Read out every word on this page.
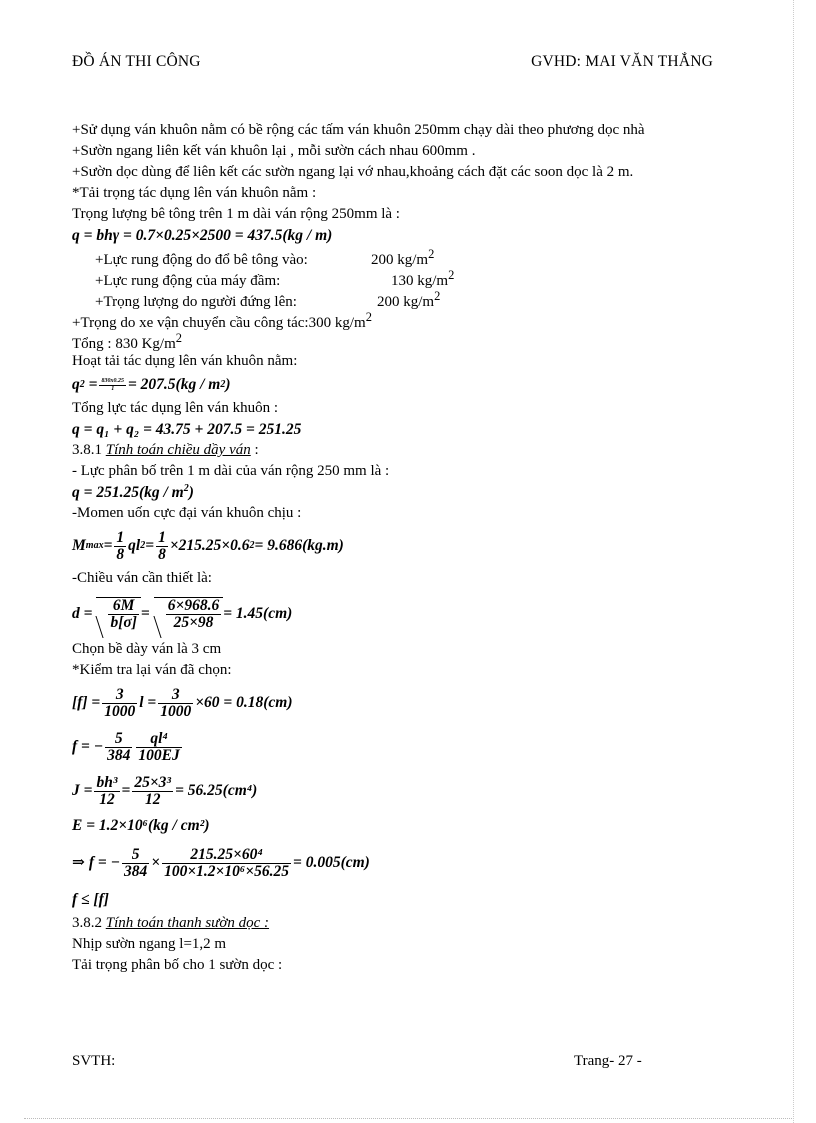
ĐỒ ÁN THI CÔNG	GVHD: MAI VĂN THẮNG
+Sử dụng ván khuôn nằm có bề rộng các tấm ván khuôn 250mm chạy dài theo phương dọc nhà
+Sườn ngang liên kết ván khuôn lại , mỗi sườn cách nhau 600mm .
+Sườn dọc dùng để liên kết các sườn ngang lại vớ nhau,khoảng cách đặt các soon dọc là 2 m.
*Tải trọng tác dụng lên ván khuôn nằm :
Trọng lượng bê tông trên 1 m dài ván rộng 250mm là :
q = bhγ = 0.7×0.25×2500 = 437.5(kg / m)
+Lực rung động do đổ bê tông vào:	200 $kg/m^2$
+Lực rung động của máy đầm:	130 $kg/m^2$
+Trọng lượng do người đứng lên:	200 $kg/m^2$
+Trọng do xe vận chuyển cầu công tác:300 $kg/m^2$
Tổng : 830 $Kg/m^2$
Hoạt tải tác dụng lên ván khuôn nằm:
q 2
= $\frac{830x0.25}{1} = 207.5(kg / m$ 2 )
Tổng lực tác dụng lên ván khuôn :
q = q₁ + q₂ = 43.75 + 207.5 = 251.25
3.8.1 Tính toán chiều dầy ván :
- Lực phân bố trên 1 m dài của ván rộng 250 mm là :
$q = 251.25(kg / m^2)$
-Momen uốn cực đại ván khuôn chịu :
M $\max = \frac{1}{8}$ ql $2 = \frac{1}{8} \times 215.25\times 0.6$ 2 = 9.686(kg.m)
-Chiều ván cần thiết là:
$d = \frac{6M}{b[\sigma]} = \frac{6\times 968.6}{25\times 98} = 1.45(cm)$
Chọn bề dày ván là 3 cm
*Kiểm tra lại ván đã chọn:
$[f] = \frac{3}{1000}$ $l = \frac{3}{1000} \times 60 = 0.18(cm)$
f = − $\frac{5}{384}$	ql⁴
100EJ
$J = \frac{\text{bh³}}{12} = \frac{\text{25×3³}}{12} = 56.25(cm^4)$
E = 1.2×10⁶(kg / cm²)
⇒ f = − $\frac{5}{384} \times \frac{\text{215.25×60⁴}}{\text{100×1.2×10⁶×56.25}} = 0.005(cm)$
f ≤ [f]
3.8.2 Tính toán thanh sườn dọc :
Nhịp sườn ngang l=1,2 m
Tải trọng phân bố cho 1 sườn dọc :
SVTH:	Trang- 27 -
